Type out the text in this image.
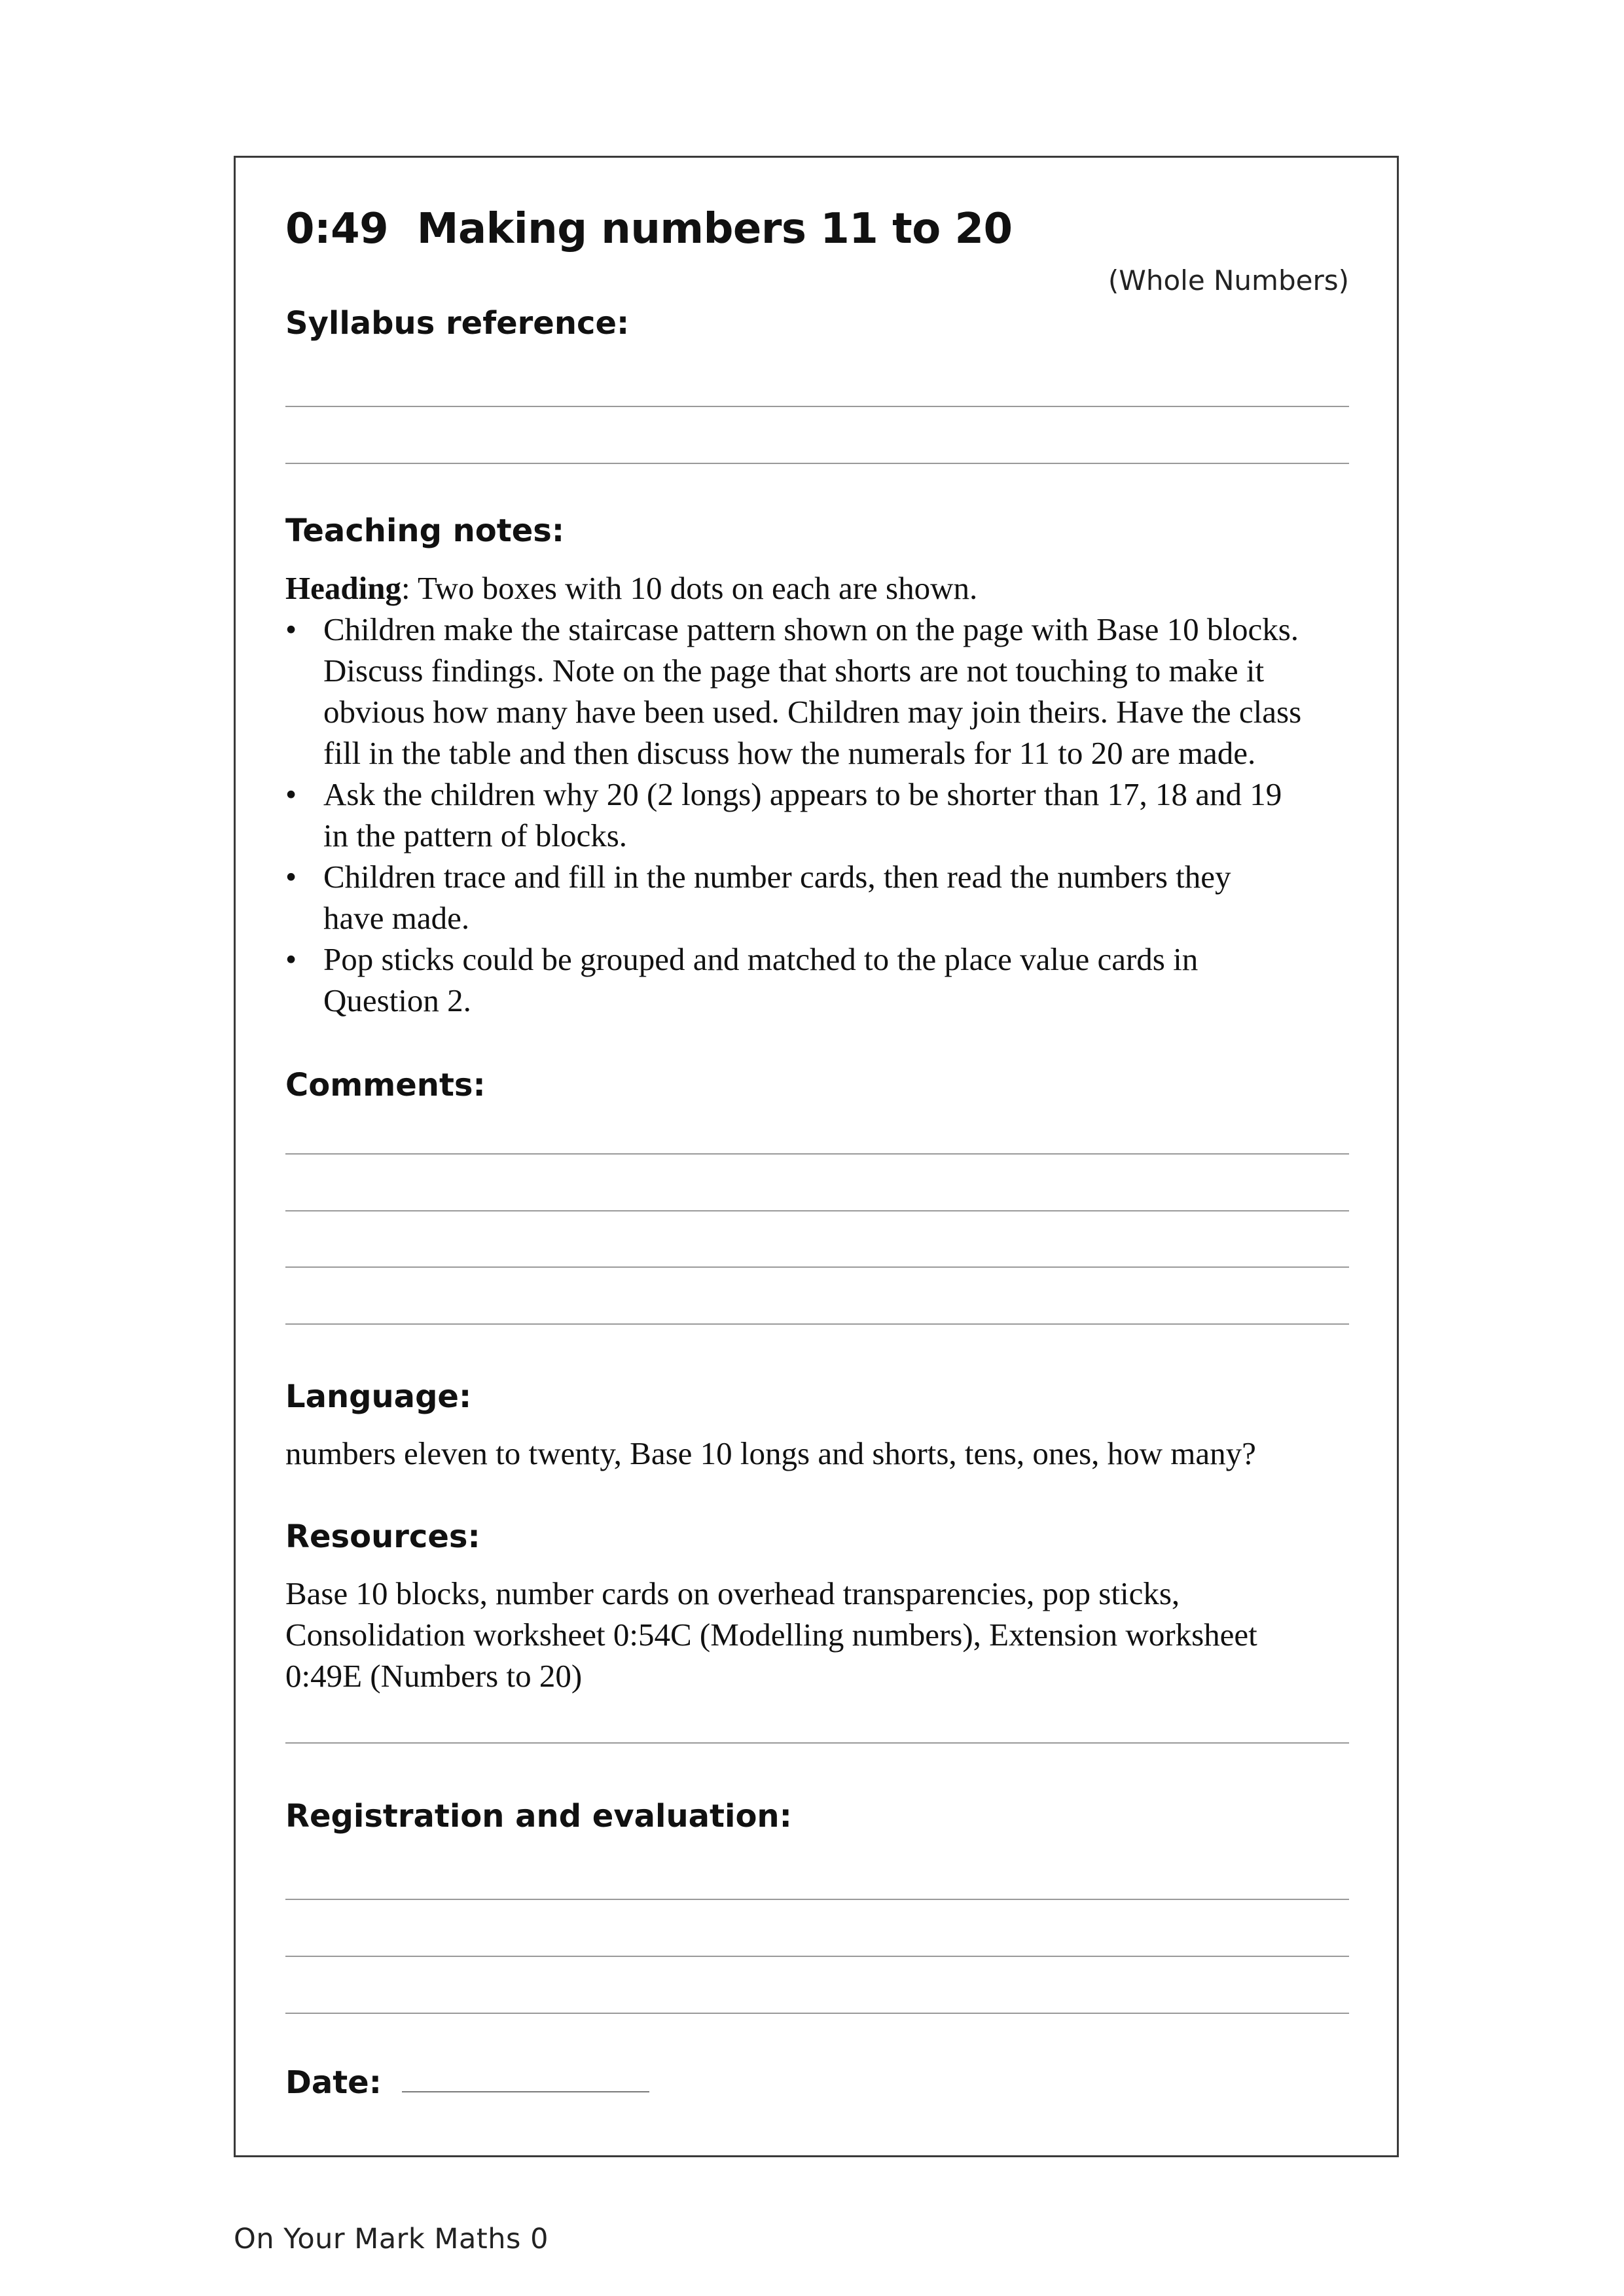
0:49  Making numbers 11 to 20
(Whole Numbers)
Syllabus reference:
Teaching notes:
Heading: Two boxes with 10 dots on each are shown.
• Children make the staircase pattern shown on the page with Base 10 blocks.
Discuss findings. Note on the page that shorts are not touching to make it
obvious how many have been used. Children may join theirs. Have the class
fill in the table and then discuss how the numerals for 11 to 20 are made.
• Ask the children why 20 (2 longs) appears to be shorter than 17, 18 and 19
in the pattern of blocks.
• Children trace and fill in the number cards, then read the numbers they
have made.
• Pop sticks could be grouped and matched to the place value cards in
Question 2.
Comments:
Language:
numbers eleven to twenty, Base 10 longs and shorts, tens, ones, how many?
Resources:
Base 10 blocks, number cards on overhead transparencies, pop sticks,
Consolidation worksheet 0:54C (Modelling numbers), Extension worksheet
0:49E (Numbers to 20)
Registration and evaluation:
Date:
On Your Mark Maths 0
